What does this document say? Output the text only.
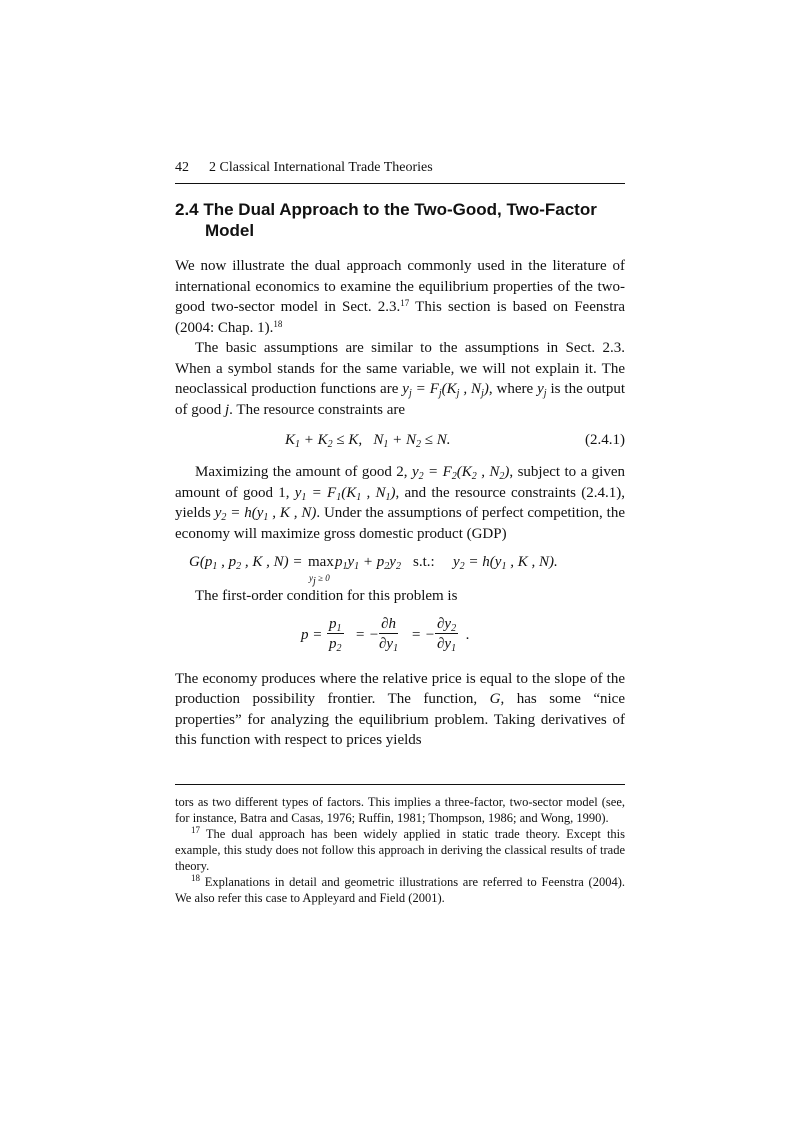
42 2 Classical International Trade Theories
2.4 The Dual Approach to the Two-Good, Two-Factor
Model

We now illustrate the dual approach commonly used in the literature of international economics to examine the equilibrium properties of the two-good two-sector model in Sect. 2.3.17 This section is based on Feenstra (2004: Chap. 1).$^{18}$

The basic assumptions are similar to the assumptions in Sect. 2.3. When a symbol stands for the same variable, we will not explain it. The neoclassical production functions are $y_j = F_j(K_j$ , $N_j$), where $y_j$ is the output of good j. The resource constraints are

$K_1 + K_2 \le K$,   $N_1 + N_2 \le N$.	(2.4.1)

Maximizing the amount of good 2, $y_2 = F_2(K_2$ , $N_2$), subject to a given amount of good 1, $y_1 = F_1(K_1$ , $N_1$), and the resource constraints (2.4.1), yields $y_2 = h(y_1$ , K , N). Under the assumptions of perfect competition, the economy will maximize gross domestic product (GDP)

$G(p_1$ , $p_2$ , K , N) = max
$y_j \ge 0$
$p_1y_1 + p_2y_2$ s.t.: $y_2 = h(y_1$ , K , N).

The first-order condition for this problem is

$p = \frac{p_1}{p_2}$ = − $\frac{\partial h}{\partial y_1}$ = − $\frac{\partial y_2}{\partial y_1}$ .

The economy produces where the relative price is equal to the slope of the production possibility frontier. The function, G, has some “nice properties” for analyzing the equilibrium problem. Taking derivatives of this function with respect to prices yields

tors as two different types of factors. This implies a three-factor, two-sector model (see, for instance, Batra and Casas, 1976; Ruffin, 1981; Thompson, 1986; and Wong, 1990).

$^{17}$ The dual approach has been widely applied in static trade theory. Except this example, this study does not follow this approach in deriving the classical results of trade theory.

$^{18}$ Explanations in detail and geometric illustrations are referred to Feenstra (2004). We also refer this case to Appleyard and Field (2001).
